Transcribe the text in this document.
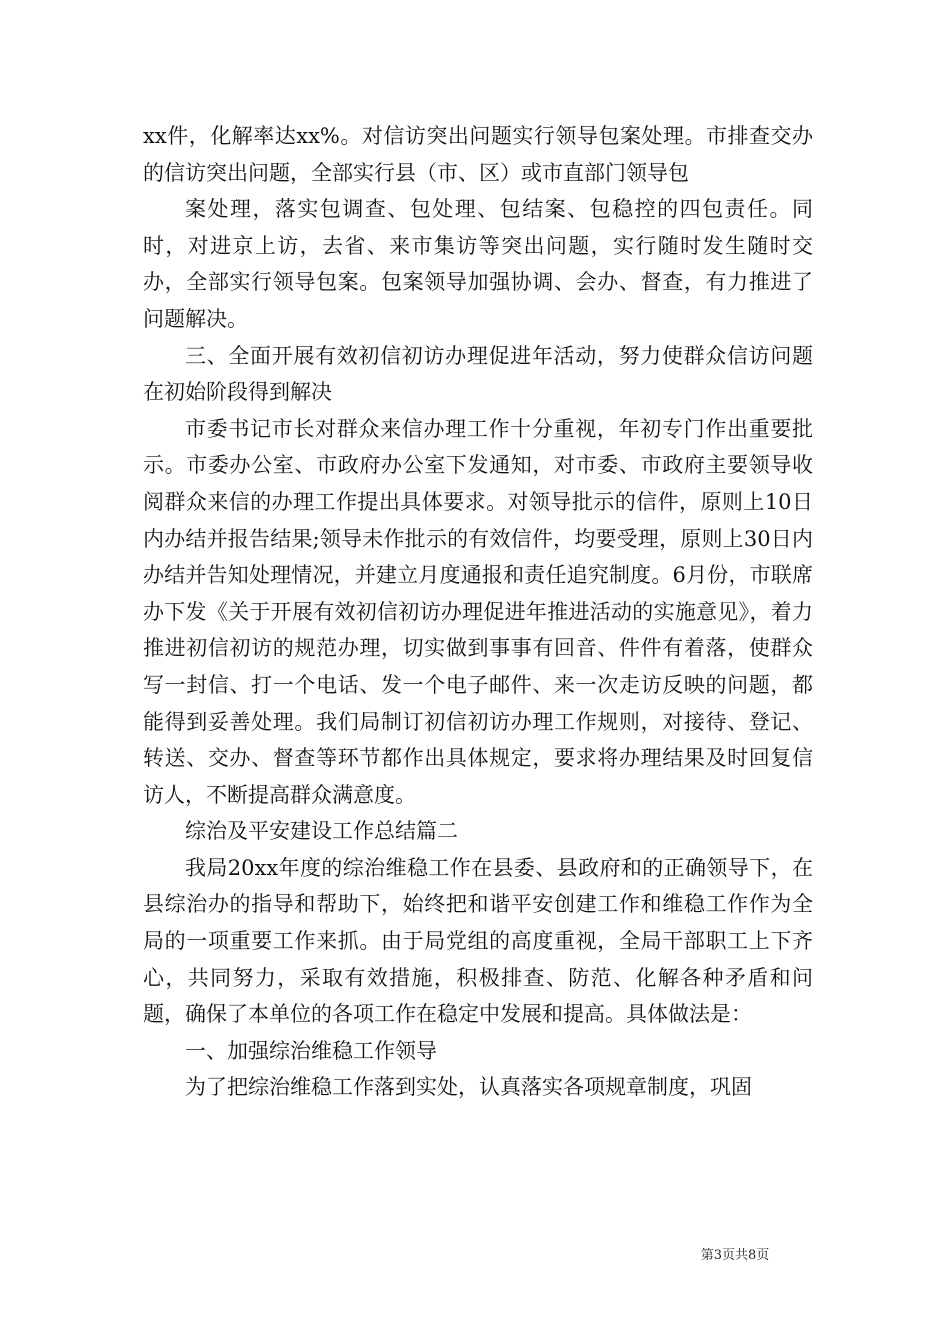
xx件，化解率达xx%。对信访突出问题实行领导包案处理。市排查交办的信访突出问题，全部实行县（市、区）或市直部门领导包

案处理，落实包调查、包处理、包结案、包稳控的四包责任。同时，对进京上访，去省、来市集访等突出问题，实行随时发生随时交办，全部实行领导包案。包案领导加强协调、会办、督查，有力推进了问题解决。

三、全面开展有效初信初访办理促进年活动，努力使群众信访问题在初始阶段得到解决

市委书记市长对群众来信办理工作十分重视，年初专门作出重要批示。市委办公室、市政府办公室下发通知，对市委、市政府主要领导收阅群众来信的办理工作提出具体要求。对领导批示的信件，原则上10日内办结并报告结果;领导未作批示的有效信件，均要受理，原则上30日内办结并告知处理情况，并建立月度通报和责任追究制度。6月份，市联席办下发《关于开展有效初信初访办理促进年推进活动的实施意见》，着力推进初信初访的规范办理，切实做到事事有回音、件件有着落，使群众写一封信、打一个电话、发一个电子邮件、来一次走访反映的问题，都能得到妥善处理。我们局制订初信初访办理工作规则，对接待、登记、转送、交办、督查等环节都作出具体规定，要求将办理结果及时回复信访人，不断提高群众满意度。

综治及平安建设工作总结篇二

我局20xx年度的综治维稳工作在县委、县政府和的正确领导下，在县综治办的指导和帮助下，始终把和谐平安创建工作和维稳工作作为全局的一项重要工作来抓。由于局党组的高度重视，全局干部职工上下齐心，共同努力，采取有效措施，积极排查、防范、化解各种矛盾和问题，确保了本单位的各项工作在稳定中发展和提高。具体做法是：

一、加强综治维稳工作领导

为了把综治维稳工作落到实处，认真落实各项规章制度，巩固

第3页共8页
